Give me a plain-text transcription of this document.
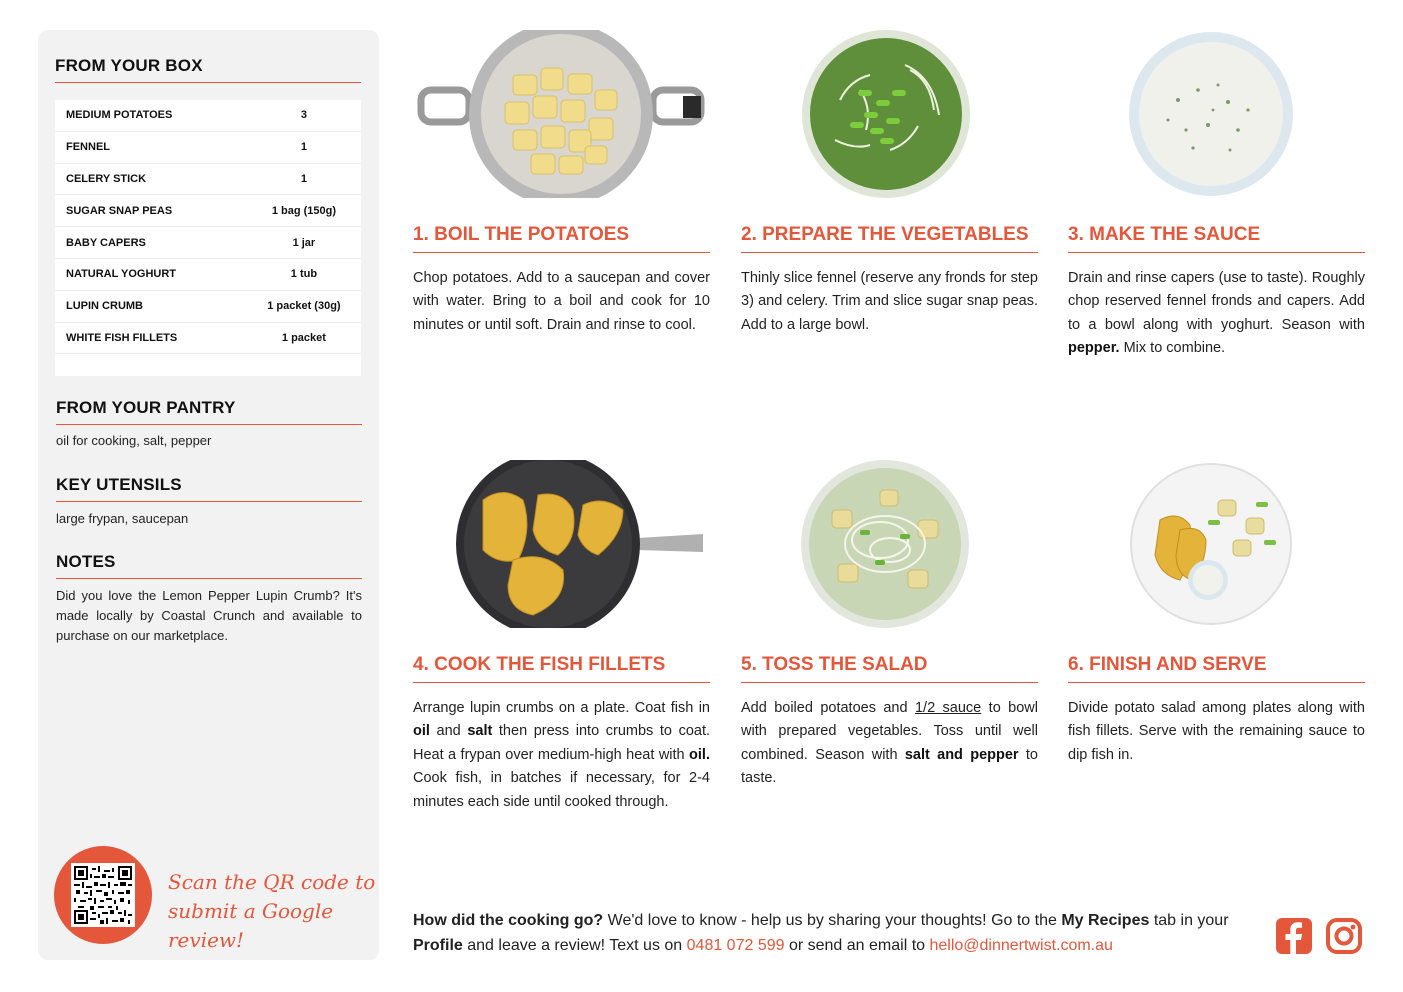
FROM YOUR BOX
MEDIUM POTATOES	3
FENNEL	1
CELERY STICK	1
SUGAR SNAP PEAS	1 bag (150g)
BABY CAPERS	1 jar
NATURAL YOGHURT	1 tub
LUPIN CRUMB	1 packet (30g)
WHITE FISH FILLETS	1 packet
FROM YOUR PANTRY
oil for cooking, salt, pepper
KEY UTENSILS
large frypan, saucepan
NOTES
Did you love the Lemon Pepper Lupin Crumb? It's made locally by Coastal Crunch and available to purchase on our marketplace.
Scan the QR code to
submit a Google review!
1. BOIL THE POTATOES
Chop potatoes. Add to a saucepan and cover with water. Bring to a boil and cook for 10 minutes or until soft. Drain and rinse to cool.
2. PREPARE THE VEGETABLES
Thinly slice fennel (reserve any fronds for step 3) and celery. Trim and slice sugar snap peas. Add to a large bowl.
3. MAKE THE SAUCE
Drain and rinse capers (use to taste). Roughly chop reserved fennel fronds and capers. Add to a bowl along with yoghurt. Season with pepper. Mix to combine.
4. COOK THE FISH FILLETS
Arrange lupin crumbs on a plate. Coat fish in oil and salt then press into crumbs to coat. Heat a frypan over medium-high heat with oil. Cook fish, in batches if necessary, for 2-4 minutes each side until cooked through.
5. TOSS THE SALAD
Add boiled potatoes and 1/2 sauce to bowl with prepared vegetables. Toss until well combined. Season with salt and pepper to taste.
6. FINISH AND SERVE
Divide potato salad among plates along with fish fillets. Serve with the remaining sauce to dip fish in.
How did the cooking go? We'd love to know - help us by sharing your thoughts! Go to the My Recipes tab in your Profile and leave a review! Text us on 0481 072 599 or send an email to hello@dinnertwist.com.au
